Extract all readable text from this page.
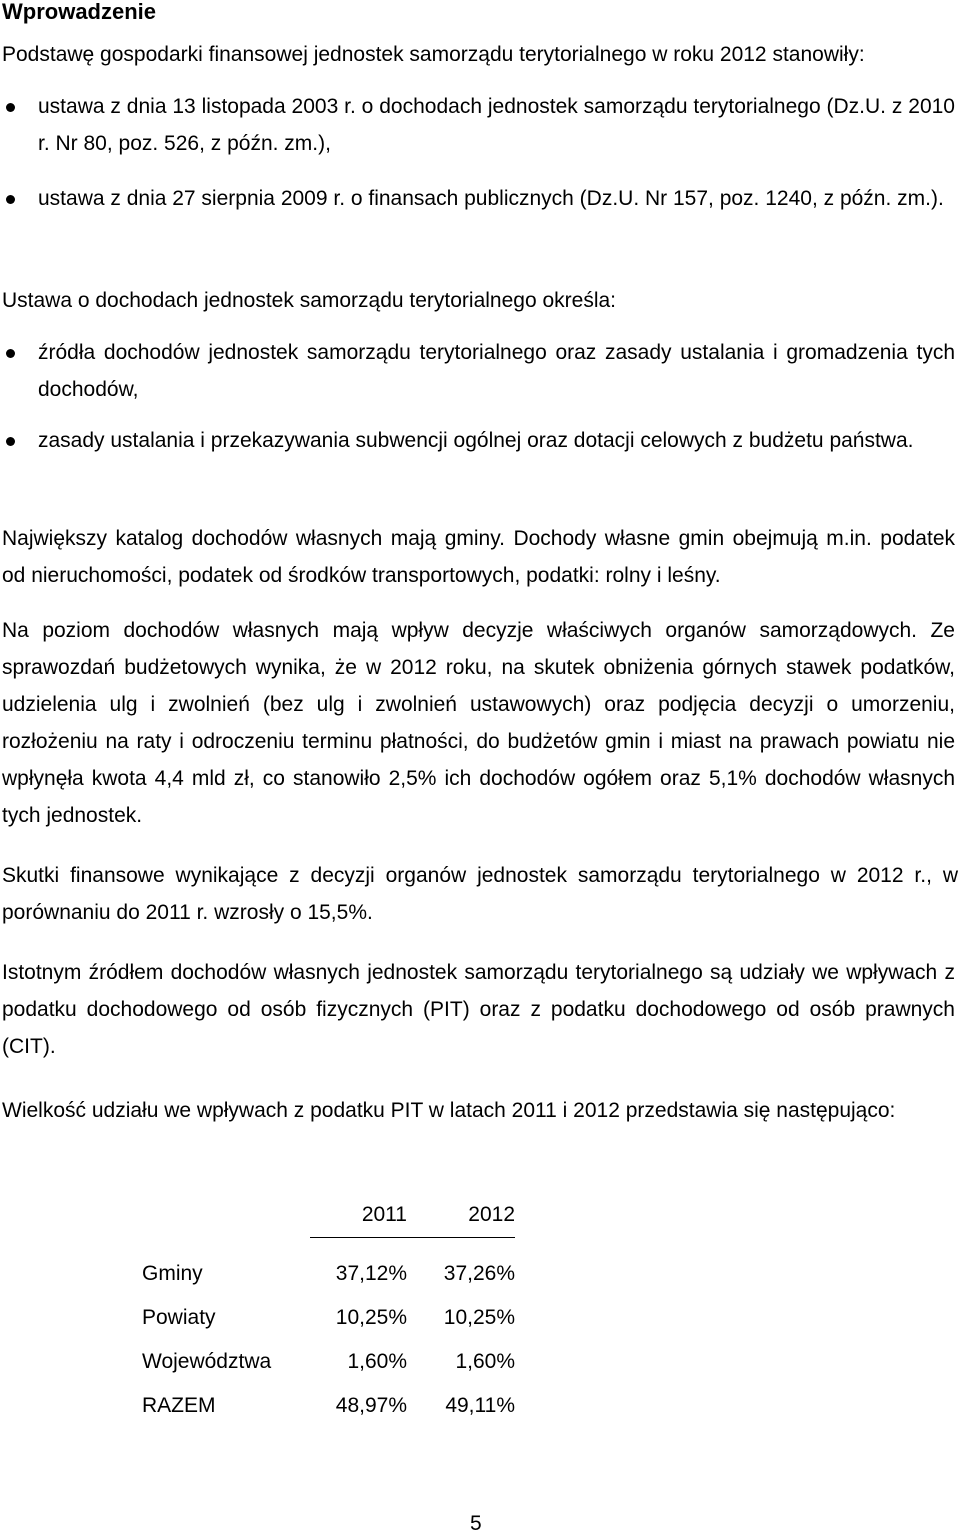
Wprowadzenie
Podstawę gospodarki finansowej jednostek samorządu terytorialnego w roku 2012 stanowiły:
ustawa z dnia 13 listopada 2003 r. o dochodach jednostek samorządu terytorialnego (Dz.U. z 2010 r. Nr 80, poz. 526, z późn. zm.),
ustawa z dnia 27 sierpnia 2009 r. o finansach publicznych (Dz.U. Nr 157, poz. 1240, z późn. zm.).
Ustawa o dochodach jednostek samorządu terytorialnego określa:
źródła dochodów jednostek samorządu terytorialnego oraz zasady ustalania i gromadzenia tych dochodów,
zasady ustalania i przekazywania subwencji ogólnej oraz dotacji celowych z budżetu państwa.
Największy katalog dochodów własnych mają gminy. Dochody własne gmin obejmują m.in. podatek od nieruchomości, podatek od środków transportowych, podatki: rolny i leśny.
Na poziom dochodów własnych mają wpływ decyzje właściwych organów samorządowych. Ze sprawozdań budżetowych wynika, że w 2012 roku, na skutek obniżenia górnych stawek podatków, udzielenia ulg i zwolnień (bez ulg i zwolnień ustawowych) oraz podjęcia decyzji o umorzeniu, rozłożeniu na raty i odroczeniu terminu płatności, do budżetów gmin i miast na prawach powiatu nie wpłynęła kwota 4,4 mld zł, co stanowiło 2,5% ich dochodów ogółem oraz 5,1% dochodów własnych tych jednostek.
Skutki finansowe wynikające z decyzji organów jednostek samorządu terytorialnego w 2012 r., w porównaniu do 2011 r. wzrosły o 15,5%.
Istotnym źródłem dochodów własnych jednostek samorządu terytorialnego są udziały we wpływach z podatku dochodowego od osób fizycznych (PIT) oraz z podatku dochodowego od osób prawnych (CIT).
Wielkość udziału we wpływach z podatku PIT w latach 2011 i 2012 przedstawia się następująco:
	2011	2012

Gminy	37,12%	37,26%
Powiaty	10,25%	10,25%
Województwa	1,60%	1,60%
RAZEM	48,97%	49,11%
5
